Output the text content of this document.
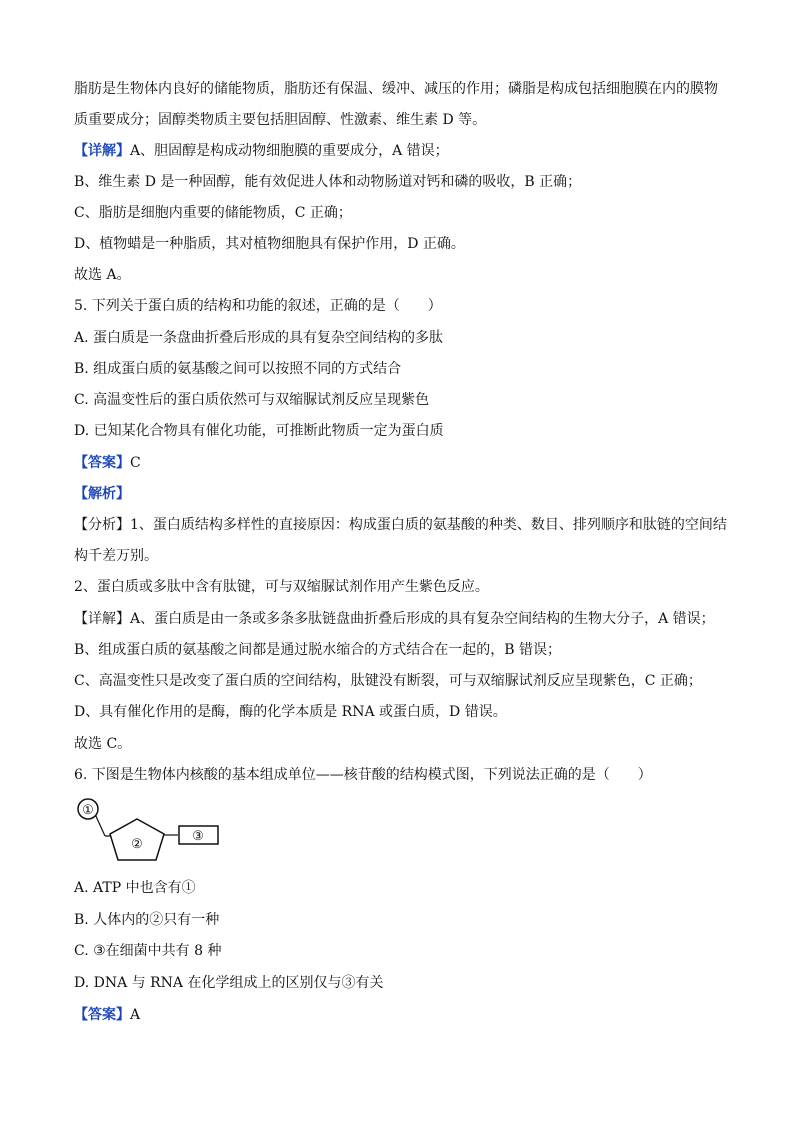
脂肪是生物体内良好的储能物质，脂肪还有保温、缓冲、减压的作用；磷脂是构成包括细胞膜在内的膜物
质重要成分；固醇类物质主要包括胆固醇、性激素、维生素 D 等。
【详解】A、胆固醇是构成动物细胞膜的重要成分，A 错误；
B、维生素 D 是一种固醇，能有效促进人体和动物肠道对钙和磷的吸收，B 正确；
C、脂肪是细胞内重要的储能物质，C 正确；
D、植物蜡是一种脂质，其对植物细胞具有保护作用，D 正确。
故选 A。
5. 下列关于蛋白质的结构和功能的叙述，正确的是（　　）
A. 蛋白质是一条盘曲折叠后形成的具有复杂空间结构的多肽
B. 组成蛋白质的氨基酸之间可以按照不同的方式结合
C. 高温变性后的蛋白质依然可与双缩脲试剂反应呈现紫色
D. 已知某化合物具有催化功能，可推断此物质一定为蛋白质
【答案】C
【解析】
【分析】1、蛋白质结构多样性的直接原因：构成蛋白质的氨基酸的种类、数目、排列顺序和肽链的空间结
构千差万别。
2、蛋白质或多肽中含有肽键，可与双缩脲试剂作用产生紫色反应。
【详解】A、蛋白质是由一条或多条多肽链盘曲折叠后形成的具有复杂空间结构的生物大分子，A 错误；
B、组成蛋白质的氨基酸之间都是通过脱水缩合的方式结合在一起的，B 错误；
C、高温变性只是改变了蛋白质的空间结构，肽键没有断裂，可与双缩脲试剂反应呈现紫色，C 正确；
D、具有催化作用的是酶，酶的化学本质是 RNA 或蛋白质，D 错误。
故选 C。
6. 下图是生物体内核酸的基本组成单位——核苷酸的结构模式图，下列说法正确的是（　　）
①
②
③
A. ATP 中也含有①
B. 人体内的②只有一种
C. ③在细菌中共有 8 种
D. DNA 与 RNA 在化学组成上的区别仅与③有关
【答案】A
